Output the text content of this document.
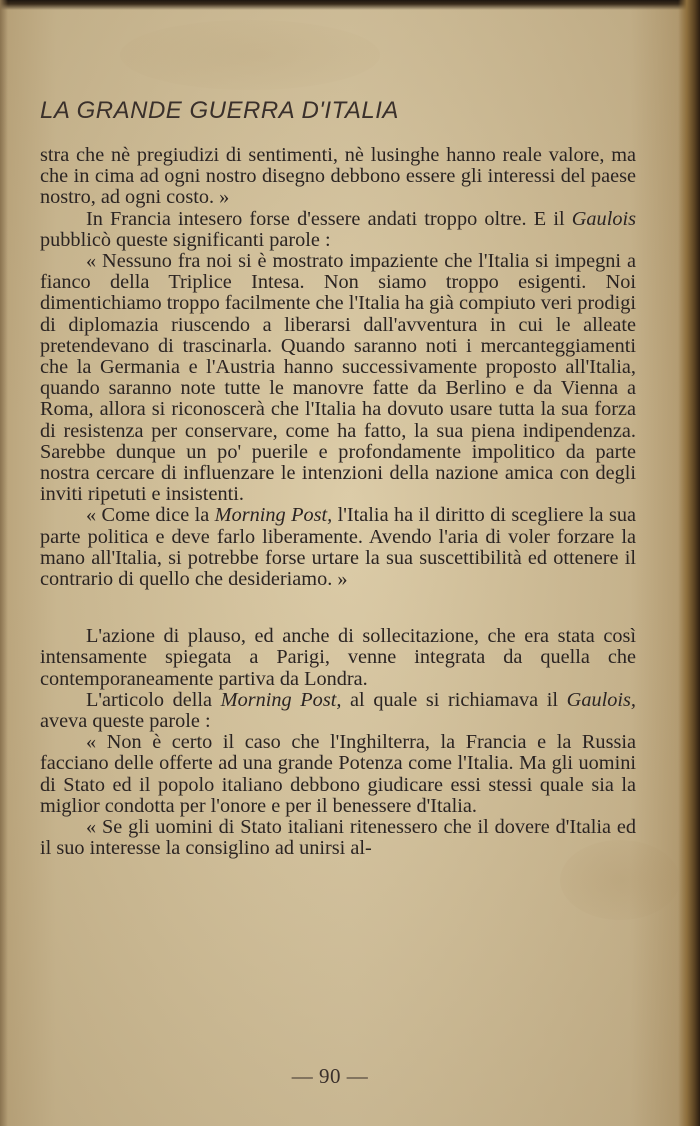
LA GRANDE GUERRA D'ITALIA

stra che nè pregiudizi di sentimenti, nè lusinghe hanno reale valore, ma che in cima ad ogni nostro disegno debbono essere gli interessi del paese nostro, ad ogni costo. »

In Francia intesero forse d'essere andati troppo oltre. E il Gaulois pubblicò queste significanti parole :

« Nessuno fra noi si è mostrato impaziente che l'Italia si impegni a fianco della Triplice Intesa. Non siamo troppo esigenti. Noi dimentichiamo troppo facilmente che l'Italia ha già compiuto veri prodigi di diplomazia riuscendo a liberarsi dall'avventura in cui le alleate pretendevano di trascinarla. Quando saranno noti i mercanteggiamenti che la Germania e l'Austria hanno successivamente proposto all'Italia, quando saranno note tutte le manovre fatte da Berlino e da Vienna a Roma, allora si riconoscerà che l'Italia ha dovuto usare tutta la sua forza di resistenza per conservare, come ha fatto, la sua piena indipendenza. Sarebbe dunque un po' puerile e profondamente impolitico da parte nostra cercare di influenzare le intenzioni della nazione amica con degli inviti ripetuti e insistenti.

« Come dice la Morning Post, l'Italia ha il diritto di scegliere la sua parte politica e deve farlo liberamente. Avendo l'aria di voler forzare la mano all'Italia, si potrebbe forse urtare la sua suscettibilità ed ottenere il contrario di quello che desideriamo. »

L'azione di plauso, ed anche di sollecitazione, che era stata così intensamente spiegata a Parigi, venne integrata da quella che contemporaneamente partiva da Londra.

L'articolo della Morning Post, al quale si richiamava il Gaulois, aveva queste parole :

« Non è certo il caso che l'Inghilterra, la Francia e la Russia facciano delle offerte ad una grande Potenza come l'Italia. Ma gli uomini di Stato ed il popolo italiano debbono giudicare essi stessi quale sia la miglior condotta per l'onore e per il benessere d'Italia.

« Se gli uomini di Stato italiani ritenessero che il dovere d'Italia ed il suo interesse la consiglino ad unirsi al-

— 90 —
